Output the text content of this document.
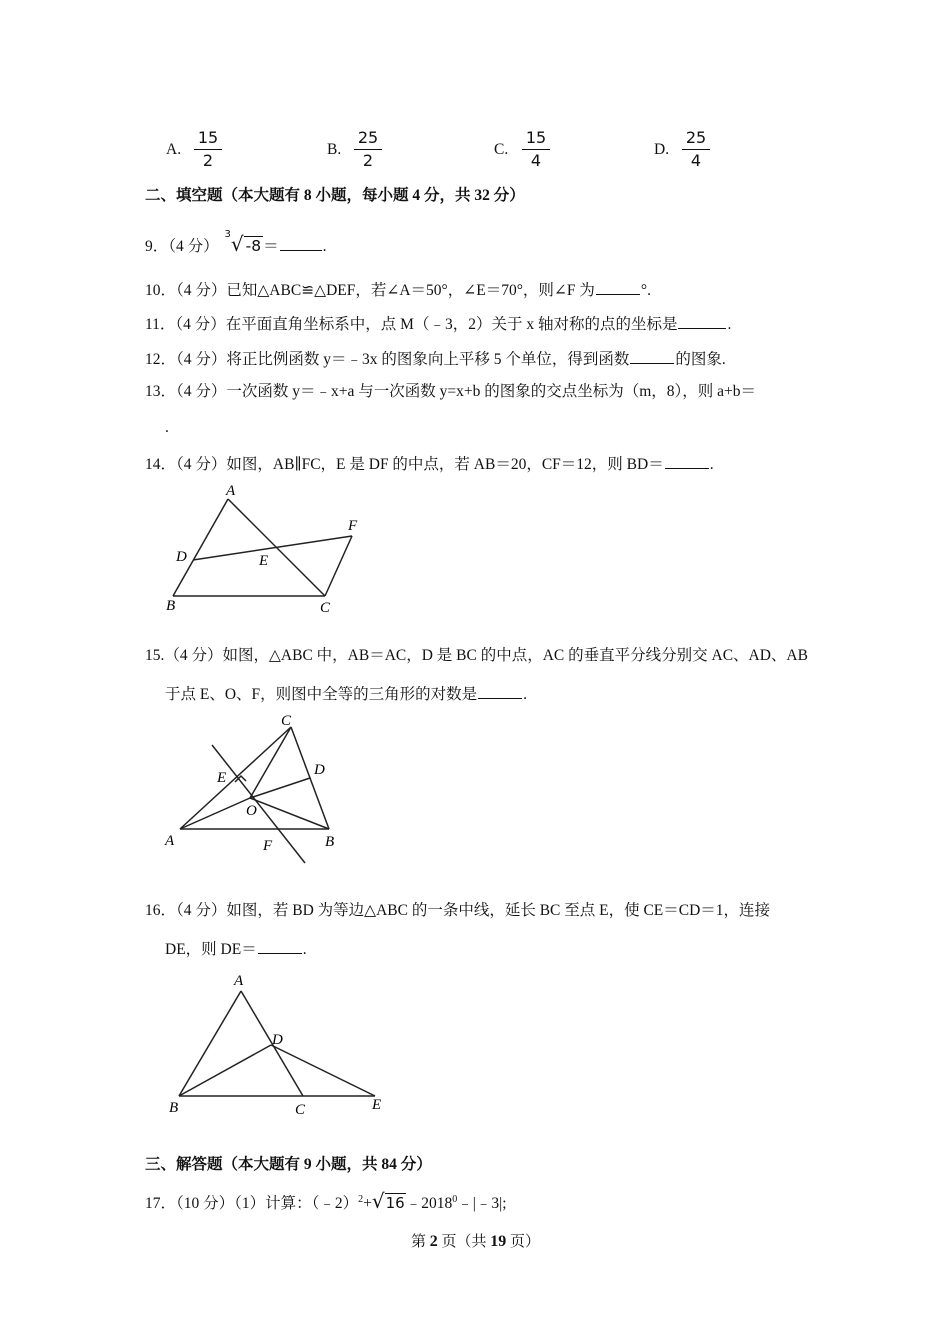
A.
15
2
B.
25
2
C.
15
4
D.
25
4
二、填空题（本大题有 8 小题，每小题 4 分，共 32 分）
9．（4 分） $^3$√ -8 ＝	.
10．（4 分）已知△ABC≌△DEF，若∠A＝50°，∠E＝70°，则∠F 为	°.
11．（4 分）在平面直角坐标系中，点 M（﹣3，2）关于 x 轴对称的点的坐标是	.
12．（4 分）将正比例函数 y＝﹣3x 的图象向上平移 5 个单位，得到函数	的图象.
13．（4 分）一次函数 y＝﹣x+a 与一次函数 y=x+b 的图象的交点坐标为（m，8），则 a+b＝
.
14．（4 分）如图，AB∥FC，E 是 DF 的中点，若 AB＝20，CF＝12，则 BD＝	.
A
D	E
F
B	C
15.（4 分）如图，△ABC 中，AB＝AC，D 是 BC 的中点，AC 的垂直平分线分别交 AC、AD、AB
于点 E、O、F，则图中全等的三角形的对数是	.
C
D
E
O
A	F	B
16．（4 分）如图，若 BD 为等边△ABC 的一条中线，延长 BC 至点 E，使 CE＝CD＝1，连接
DE，则 DE＝	.
A
D
B	C	E
三、解答题（本大题有 9 小题，共 84 分）
17．（10 分）（1）计算：$(﹣2)^2+√16﹣2018^0﹣|﹣3|$;
第 2 页（共 19 页）
